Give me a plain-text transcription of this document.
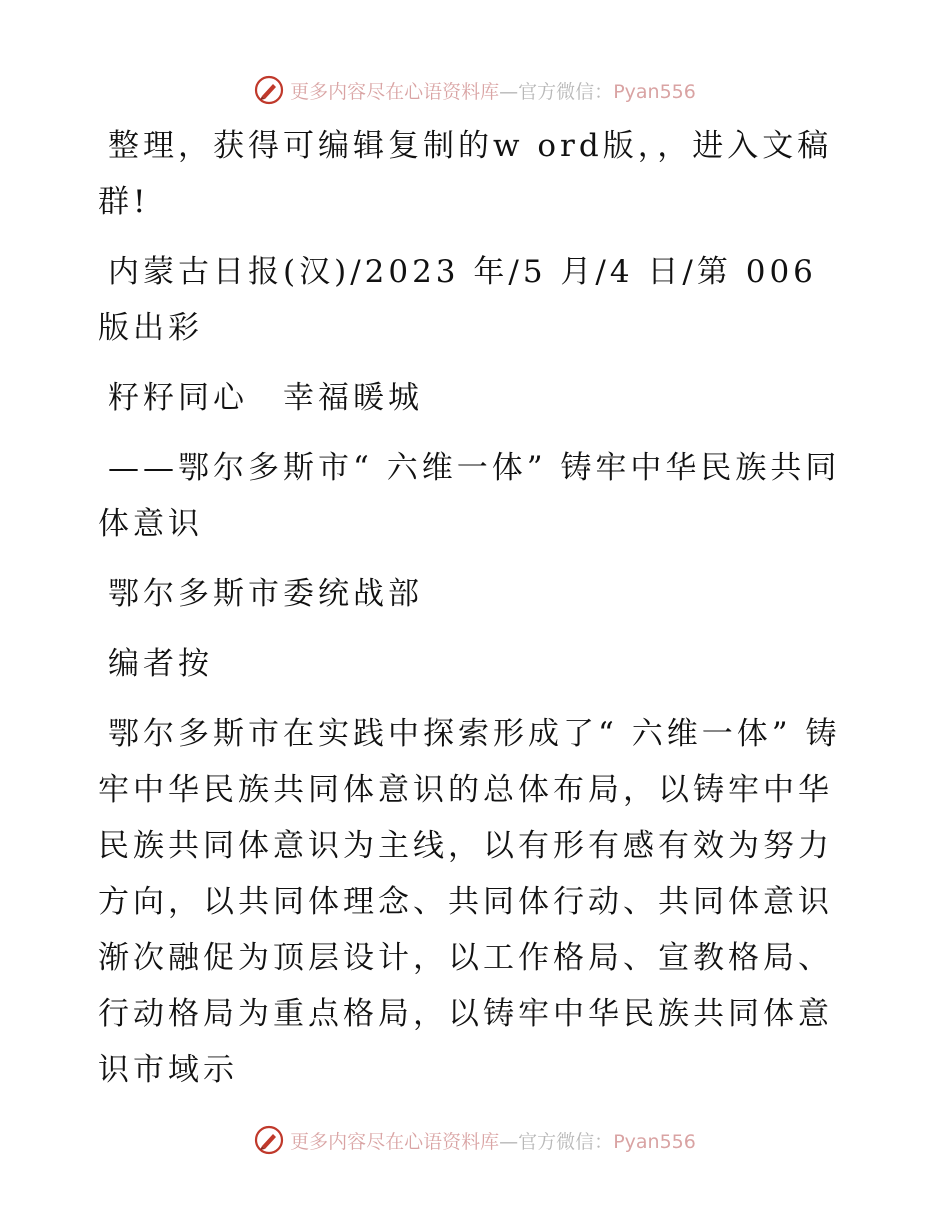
更多内容尽在心语资料库—官方微信：Pyan556

整理，获得可编辑复制的w ord版，，进入文稿群!

内蒙古日报(汉)/2023 年/5 月/4 日/第 006 版出彩

籽籽同心　幸福暖城

——鄂尔多斯市“ 六维一体” 铸牢中华民族共同体意识

鄂尔多斯市委统战部

编者按

鄂尔多斯市在实践中探索形成了“ 六维一体” 铸牢中华民族共同体意识的总体布局，以铸牢中华民族共同体意识为主线，以有形有感有效为努力方向，以共同体理念、共同体行动、共同体意识渐次融促为顶层设计，以工作格局、宣教格局、行动格局为重点格局，以铸牢中华民族共同体意识市域示

更多内容尽在心语资料库—官方微信：Pyan556
